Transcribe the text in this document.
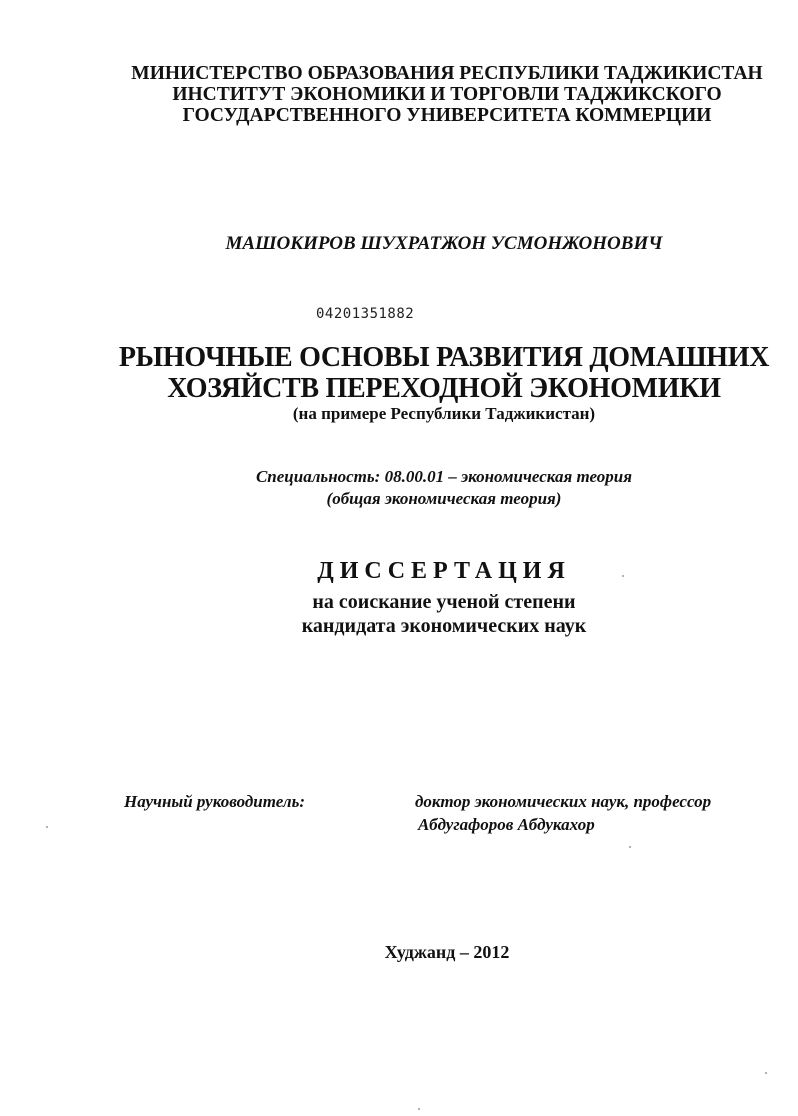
МИНИСТЕРСТВО ОБРАЗОВАНИЯ РЕСПУБЛИКИ ТАДЖИКИСТАН
ИНСТИТУТ ЭКОНОМИКИ И ТОРГОВЛИ ТАДЖИКСКОГО
ГОСУДАРСТВЕННОГО УНИВЕРСИТЕТА КОММЕРЦИИ
МАШОКИРОВ ШУХРАТЖОН УСМОНЖОНОВИЧ
04201351882
РЫНОЧНЫЕ ОСНОВЫ РАЗВИТИЯ ДОМАШНИХ
ХОЗЯЙСТВ ПЕРЕХОДНОЙ ЭКОНОМИКИ
(на примере Республики Таджикистан)
Специальность: 08.00.01 – экономическая теория
(общая экономическая теория)
ДИССЕРТАЦИЯ
на соискание ученой степени
кандидата экономических наук
Научный руководитель:	доктор экономических наук, профессор
Абдугафоров Абдукахор
Худжанд – 2012
